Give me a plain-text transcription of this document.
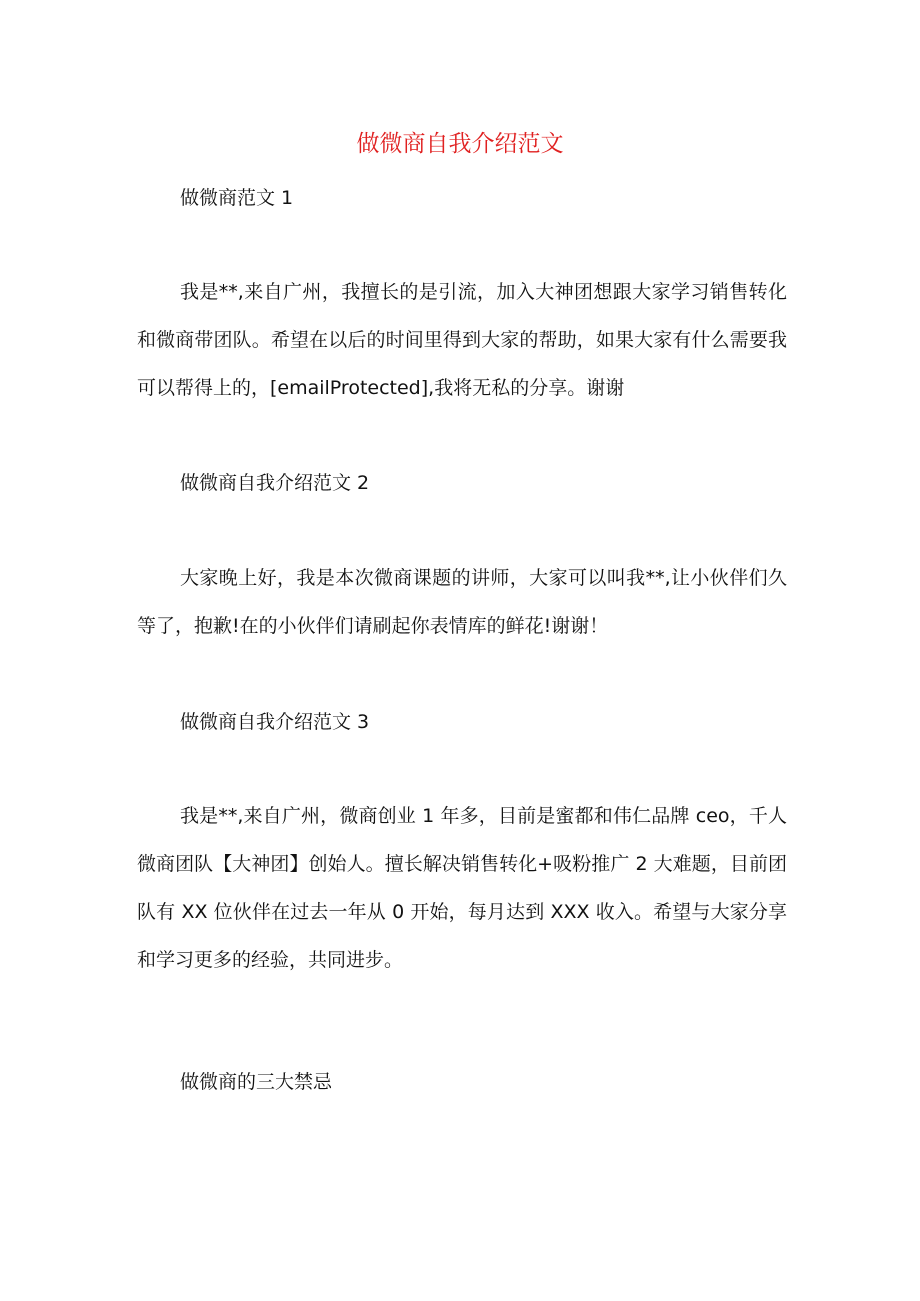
做微商自我介绍范文

做微商范文 1

我是**,来自广州，我擅长的是引流，加入大神团想跟大家学习销售转化和微商带团队。希望在以后的时间里得到大家的帮助，如果大家有什么需要我可以帮得上的，[emailProtected],我将无私的分享。谢谢

做微商自我介绍范文 2

大家晚上好，我是本次微商课题的讲师，大家可以叫我**,让小伙伴们久等了，抱歉!在的小伙伴们请刷起你表情库的鲜花!谢谢！

做微商自我介绍范文 3

我是**,来自广州，微商创业 1 年多，目前是蜜都和伟仁品牌 ceo，千人微商团队【大神团】创始人。擅长解决销售转化+吸粉推广 2 大难题，目前团队有 XX 位伙伴在过去一年从 0 开始，每月达到 XXX 收入。希望与大家分享和学习更多的经验，共同进步。

做微商的三大禁忌
